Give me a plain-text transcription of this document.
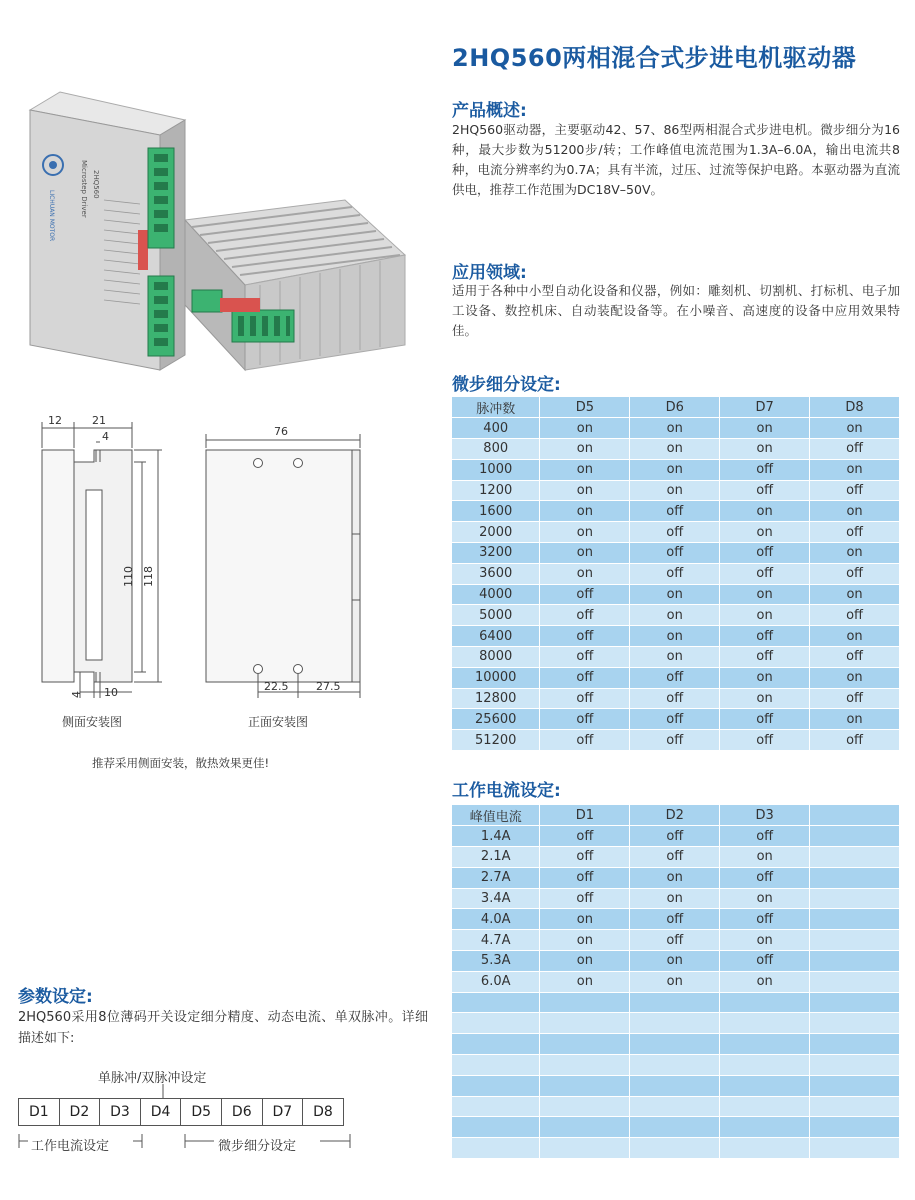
2HQ560两相混合式步进电机驱动器
LICHUAN MOTOR	Microstep Driver 2HQ560
12	21
4
110 118
4 10
76
22.5	27.5
侧面安装图	正面安装图
推荐采用侧面安装，散热效果更佳!
产品概述:
2HQ560驱动器，主要驱动42、57、86型两相混合式步进电机。微步细分为16种，最大步数为51200步/转；工作峰值电流范围为1.3A–6.0A，输出电流共8种，电流分辨率约为0.7A；具有半流，过压、过流等保护电路。本驱动器为直流供电，推荐工作范围为DC18V–50V。
应用领域:
适用于各种中小型自动化设备和仪器，例如：雕刻机、切割机、打标机、电子加工设备、数控机床、自动装配设备等。在小噪音、高速度的设备中应用效果特佳。
微步细分设定:
脉冲数	D5	D6	D7	D8
400	on	on	on	on
800	on	on	on	off
1000	on	on	off	on
1200	on	on	off	off
1600	on	off	on	on
2000	on	off	on	off
3200	on	off	off	on
3600	on	off	off	off
4000	off	on	on	on
5000	off	on	on	off
6400	off	on	off	on
8000	off	on	off	off
10000	off	off	on	on
12800	off	off	on	off
25600	off	off	off	on
51200	off	off	off	off
工作电流设定:
峰值电流	D1	D2	D3	
1.4A	off	off	off	
2.1A	off	off	on	
2.7A	off	on	off	
3.4A	off	on	on	
4.0A	on	off	off	
4.7A	on	off	on	
5.3A	on	on	off	
6.0A	on	on	on	

参数设定:
2HQ560采用8位薄码开关设定细分精度、动态电流、单双脉冲。详细描述如下:
单脉冲/双脉冲设定
D1	D2	D3	D4	D5	D6	D7	D8
工作电流设定	微步细分设定
